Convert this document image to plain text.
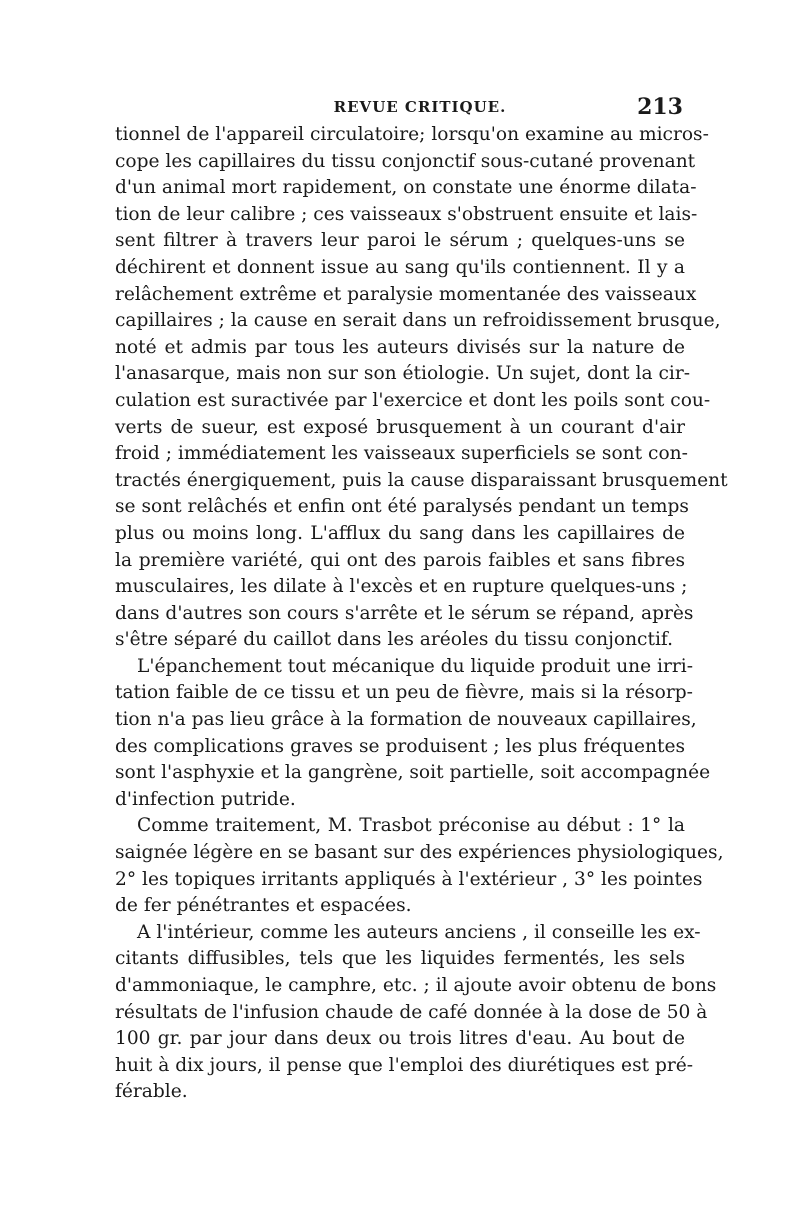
REVUE CRITIQUE.	213
tionnel de l'appareil circulatoire; lorsqu'on examine au micros-
cope les capillaires du tissu conjonctif sous-cutané provenant
d'un animal mort rapidement, on constate une énorme dilata-
tion de leur calibre ; ces vaisseaux s'obstruent ensuite et lais-
sent filtrer à travers leur paroi le sérum ; quelques-uns se
déchirent et donnent issue au sang qu'ils contiennent. Il y a
relâchement extrême et paralysie momentanée des vaisseaux
capillaires ; la cause en serait dans un refroidissement brusque,
noté et admis par tous les auteurs divisés sur la nature de
l'anasarque, mais non sur son étiologie. Un sujet, dont la cir-
culation est suractivée par l'exercice et dont les poils sont cou-
verts de sueur, est exposé brusquement à un courant d'air
froid ; immédiatement les vaisseaux superficiels se sont con-
tractés énergiquement, puis la cause disparaissant brusquement
se sont relâchés et enfin ont été paralysés pendant un temps
plus ou moins long. L'afflux du sang dans les capillaires de
la première variété, qui ont des parois faibles et sans fibres
musculaires, les dilate à l'excès et en rupture quelques-uns ;
dans d'autres son cours s'arrête et le sérum se répand, après
s'être séparé du caillot dans les aréoles du tissu conjonctif.
L'épanchement tout mécanique du liquide produit une irri-
tation faible de ce tissu et un peu de fièvre, mais si la résorp-
tion n'a pas lieu grâce à la formation de nouveaux capillaires,
des complications graves se produisent ; les plus fréquentes
sont l'asphyxie et la gangrène, soit partielle, soit accompagnée
d'infection putride.
Comme traitement, M. Trasbot préconise au début : 1° la
saignée légère en se basant sur des expériences physiologiques,
2° les topiques irritants appliqués à l'extérieur , 3° les pointes
de fer pénétrantes et espacées.
A l'intérieur, comme les auteurs anciens , il conseille les ex-
citants diffusibles, tels que les liquides fermentés, les sels
d'ammoniaque, le camphre, etc. ; il ajoute avoir obtenu de bons
résultats de l'infusion chaude de café donnée à la dose de 50 à
100 gr. par jour dans deux ou trois litres d'eau. Au bout de
huit à dix jours, il pense que l'emploi des diurétiques est pré-
férable.
